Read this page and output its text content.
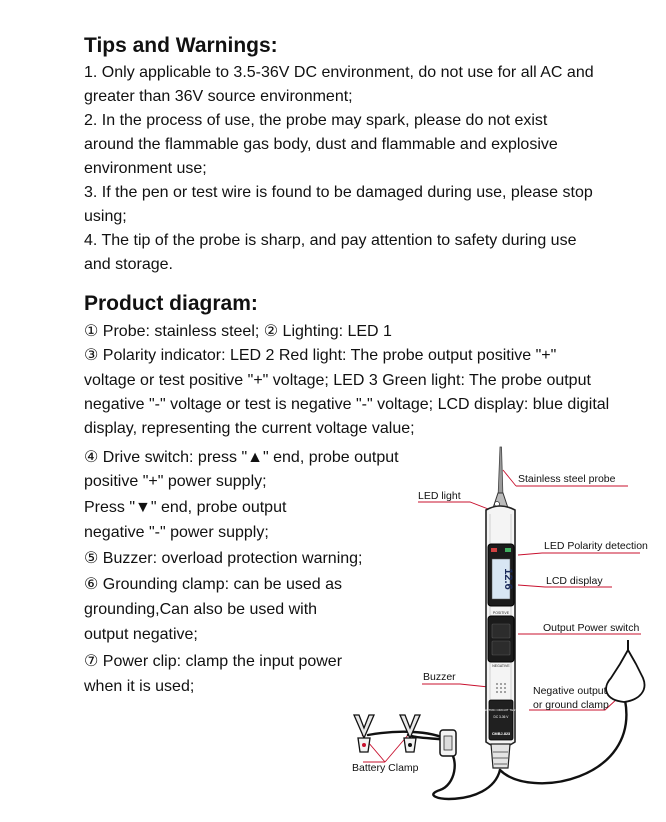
Tips and Warnings:

1. Only applicable to 3.5-36V DC environment, do not use for all AC and

greater than 36V source environment;

2. In the process of use, the probe may spark, please do not exist

around the flammable gas body, dust and flammable and explosive

environment use;

3. If the pen or test wire is found to be damaged during use, please stop

using;

4. The tip of the probe is sharp, and pay attention to safety during use

and storage.

Product diagram:

① Probe: stainless steel; ② Lighting: LED 1

③ Polarity indicator: LED 2 Red light: The probe output positive "+"

voltage or test positive "+" voltage; LED 3 Green light: The probe output

negative "-" voltage or test is negative "-" voltage; LCD display: blue digital

display, representing the current voltage value;

④ Drive switch: press "▲" end, probe output

positive "+" power supply;

Press "▼" end, probe output

negative "-" power supply;

⑤ Buzzer: overload protection warning;

⑥ Grounding clamp: can be used as

grounding,Can also be used with

output negative;

⑦ Power clip: clamp the input power

when it is used;

12.6
POSITIVE
NEGATIVE
ELECTRIC CIRCUIT TESTER
DC 3-36 V
CMBJ-823
Stainless steel probe
LED light
LED Polarity detection
LCD display
Output Power switch
Buzzer
Negative output
or ground clamp
Battery Clamp
